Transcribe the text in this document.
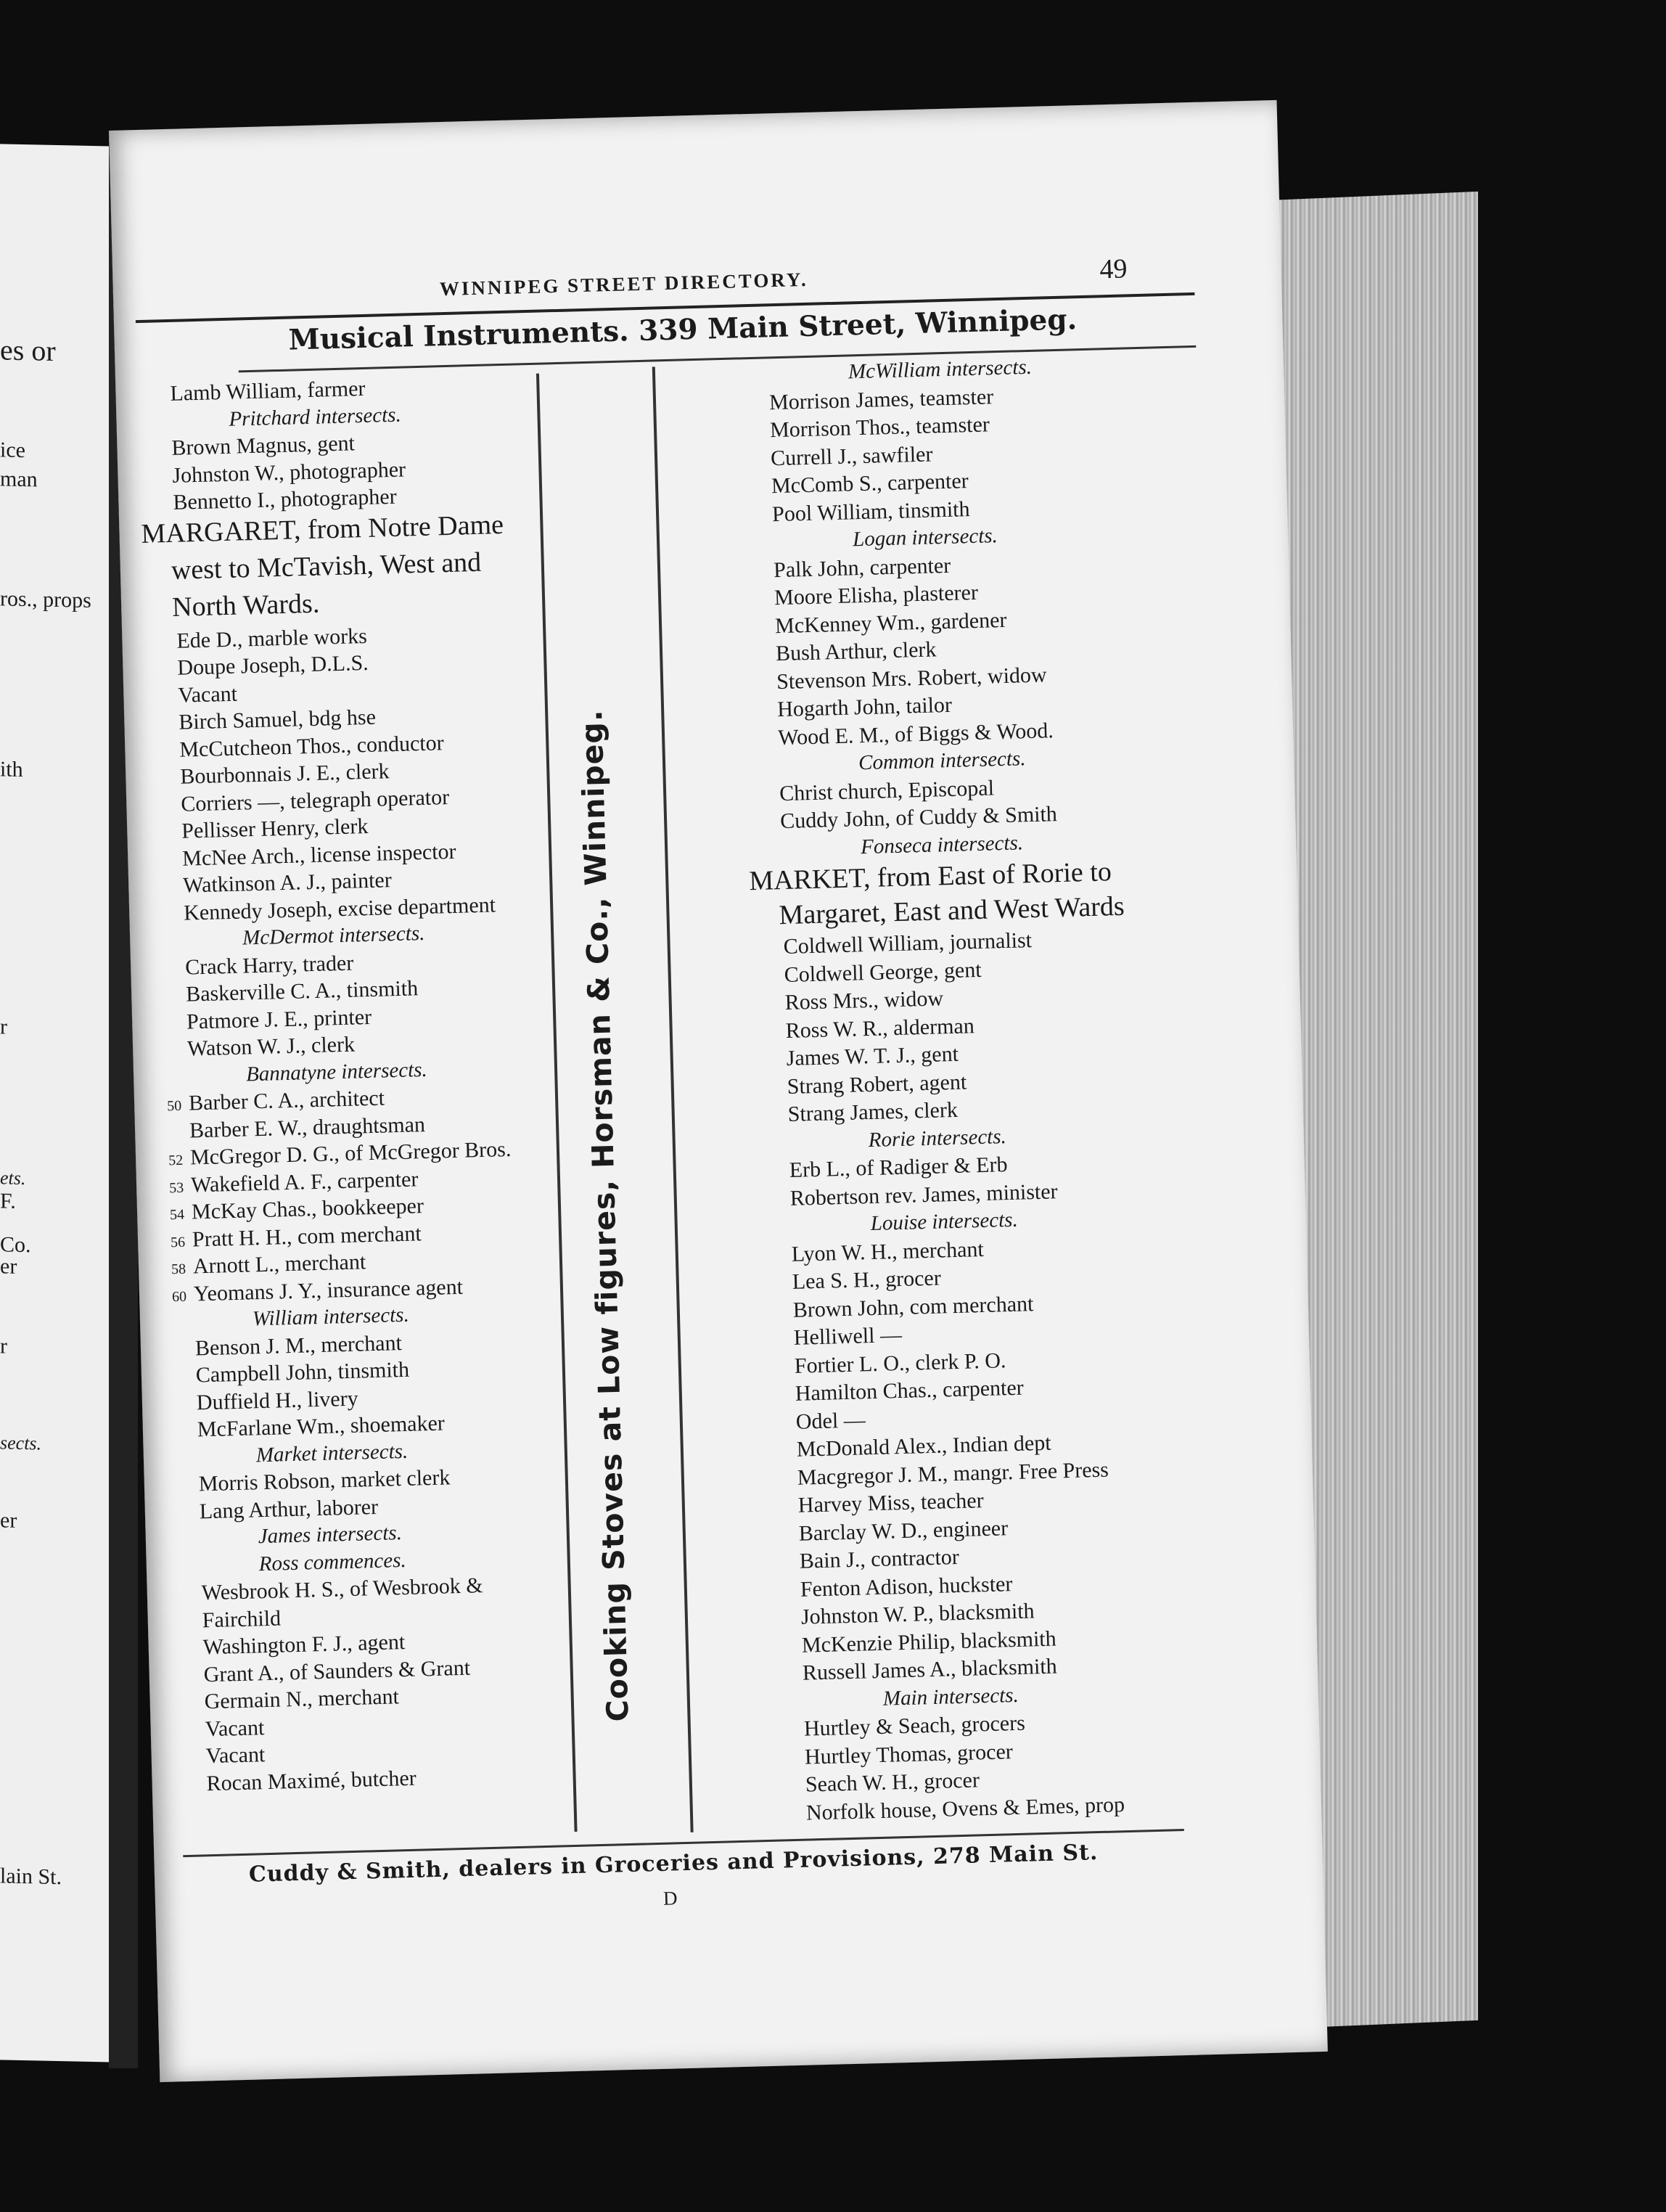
es or
ice
man
ros., props
ith
r
ets.
F.
Co.
er
r
sects.
er
lain St.
WINNIPEG STREET DIRECTORY.	49
Musical Instruments. 339 Main Street, Winnipeg.
Lamb William, farmer
Pritchard intersects.
Brown Magnus, gent
Johnston W., photographer
Bennetto I., photographer
MARGARET, from Notre Dame
west to McTavish, West and
North Wards.
Ede D., marble works
Doupe Joseph, D.L.S.
Vacant
Birch Samuel, bdg hse
McCutcheon Thos., conductor
Bourbonnais J. E., clerk
Corriers —, telegraph operator
Pellisser Henry, clerk
McNee Arch., license inspector
Watkinson A. J., painter
Kennedy Joseph, excise department
McDermot intersects.
Crack Harry, trader
Baskerville C. A., tinsmith
Patmore J. E., printer
Watson W. J., clerk
Bannatyne intersects.
50 Barber C. A., architect
Barber E. W., draughtsman
52 McGregor D. G., of McGregor Bros.
53 Wakefield A. F., carpenter
54 McKay Chas., bookkeeper
56 Pratt H. H., com merchant
58 Arnott L., merchant
60 Yeomans J. Y., insurance agent
William intersects.
Benson J. M., merchant
Campbell John, tinsmith
Duffield H., livery
McFarlane Wm., shoemaker
Market intersects.
Morris Robson, market clerk
Lang Arthur, laborer
James intersects.
Ross commences.
Wesbrook H. S., of Wesbrook &
Fairchild
Washington F. J., agent
Grant A., of Saunders & Grant
Germain N., merchant
Vacant
Vacant
Rocan Maximé, butcher
Cooking Stoves at Low figures, Horsman & Co., Winnipeg.
McWilliam intersects.
Morrison James, teamster
Morrison Thos., teamster
Currell J., sawfiler
McComb S., carpenter
Pool William, tinsmith
Logan intersects.
Palk John, carpenter
Moore Elisha, plasterer
McKenney Wm., gardener
Bush Arthur, clerk
Stevenson Mrs. Robert, widow
Hogarth John, tailor
Wood E. M., of Biggs & Wood.
Common intersects.
Christ church, Episcopal
Cuddy John, of Cuddy & Smith
Fonseca intersects.
MARKET, from East of Rorie to
Margaret, East and West Wards
Coldwell William, journalist
Coldwell George, gent
Ross Mrs., widow
Ross W. R., alderman
James W. T. J., gent
Strang Robert, agent
Strang James, clerk
Rorie intersects.
Erb L., of Radiger & Erb
Robertson rev. James, minister
Louise intersects.
Lyon W. H., merchant
Lea S. H., grocer
Brown John, com merchant
Helliwell —
Fortier L. O., clerk P. O.
Hamilton Chas., carpenter
Odel —
McDonald Alex., Indian dept
Macgregor J. M., mangr. Free Press
Harvey Miss, teacher
Barclay W. D., engineer
Bain J., contractor
Fenton Adison, huckster
Johnston W. P., blacksmith
McKenzie Philip, blacksmith
Russell James A., blacksmith
Main intersects.
Hurtley & Seach, grocers
Hurtley Thomas, grocer
Seach W. H., grocer
Norfolk house, Ovens & Emes, prop
Cuddy & Smith, dealers in Groceries and Provisions, 278 Main St.
D
